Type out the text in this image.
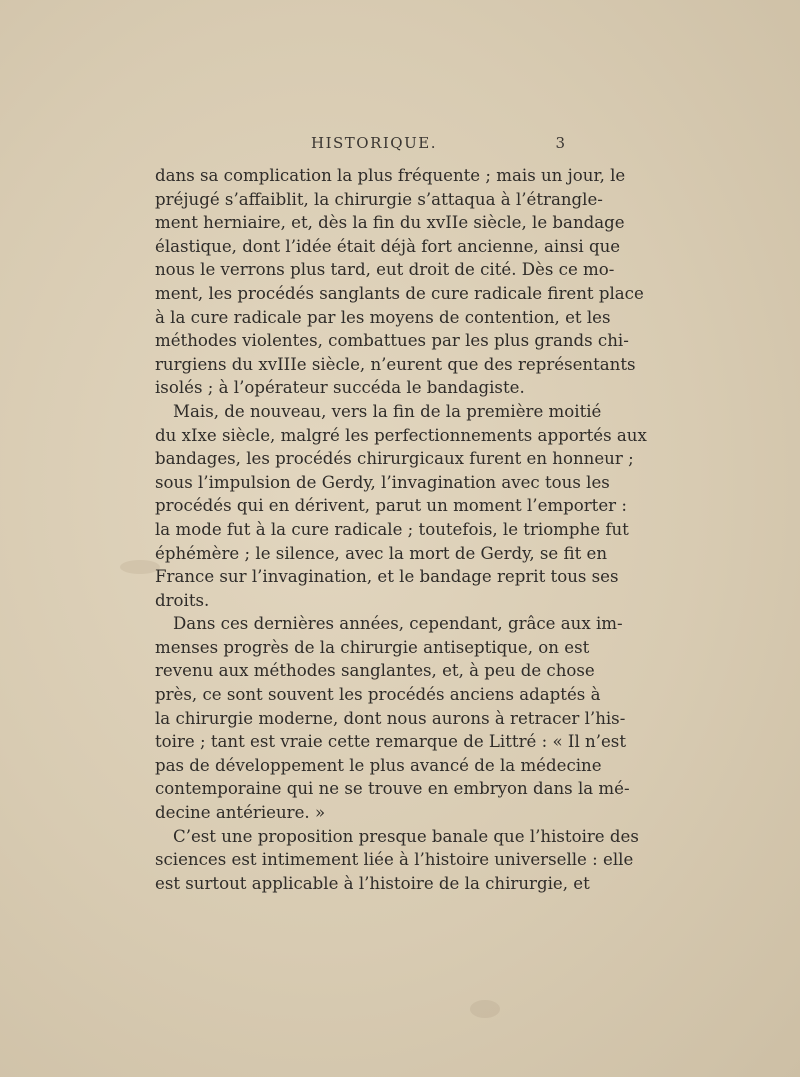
HISTORIQUE.	3
dans sa complication la plus fréquente ; mais un jour, le
préjugé s’affaiblit, la chirurgie s’attaqua à l’étrangle-
ment herniaire, et, dès la fin du xvIIe siècle, le bandage
élastique, dont l’idée était déjà fort ancienne, ainsi que
nous le verrons plus tard, eut droit de cité. Dès ce mo-
ment, les procédés sanglants de cure radicale firent place
à la cure radicale par les moyens de contention, et les
méthodes violentes, combattues par les plus grands chi-
rurgiens du xvIIIe siècle, n’eurent que des représentants
isolés ; à l’opérateur succéda le bandagiste.
Mais, de nouveau, vers la fin de la première moitié
du xIxe siècle, malgré les perfectionnements apportés aux
bandages, les procédés chirurgicaux furent en honneur ;
sous l’impulsion de Gerdy, l’invagination avec tous les
procédés qui en dérivent, parut un moment l’emporter :
la mode fut à la cure radicale ; toutefois, le triomphe fut
éphémère ; le silence, avec la mort de Gerdy, se fit en
France sur l’invagination, et le bandage reprit tous ses
droits.
Dans ces dernières années, cependant, grâce aux im-
menses progrès de la chirurgie antiseptique, on est
revenu aux méthodes sanglantes, et, à peu de chose
près, ce sont souvent les procédés anciens adaptés à
la chirurgie moderne, dont nous aurons à retracer l’his-
toire ; tant est vraie cette remarque de Littré : « Il n’est
pas de développement le plus avancé de la médecine
contemporaine qui ne se trouve en embryon dans la mé-
decine antérieure. »
C’est une proposition presque banale que l’histoire des
sciences est intimement liée à l’histoire universelle : elle
est surtout applicable à l’histoire de la chirurgie, et
